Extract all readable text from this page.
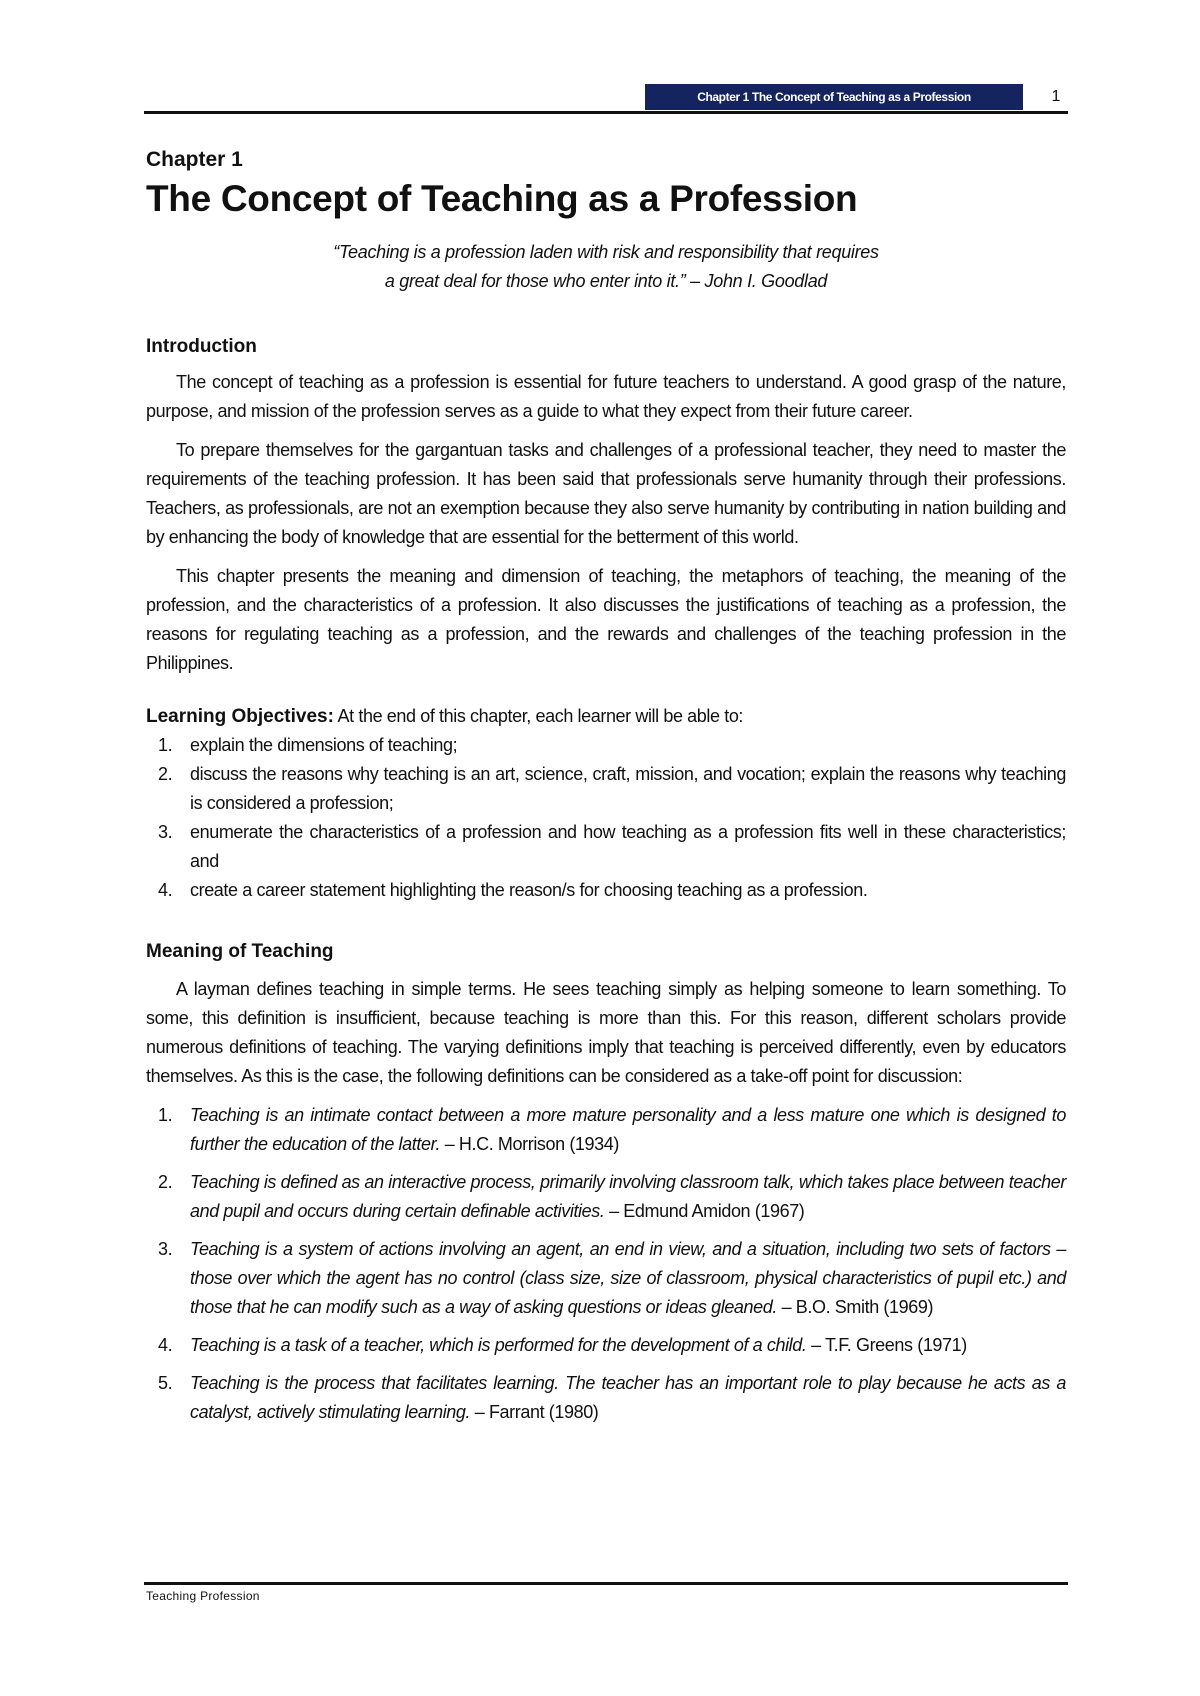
Chapter 1 The Concept of Teaching as a Profession	1
Chapter 1
The Concept of Teaching as a Profession
“Teaching is a profession laden with risk and responsibility that requires
a great deal for those who enter into it.” – John I. Goodlad
Introduction

The concept of teaching as a profession is essential for future teachers to understand. A good grasp of the nature, purpose, and mission of the profession serves as a guide to what they expect from their future career.

To prepare themselves for the gargantuan tasks and challenges of a professional teacher, they need to master the requirements of the teaching profession. It has been said that professionals serve humanity through their professions. Teachers, as professionals, are not an exemption because they also serve humanity by contributing in nation building and by enhancing the body of knowledge that are essential for the betterment of this world.

This chapter presents the meaning and dimension of teaching, the metaphors of teaching, the meaning of the profession, and the characteristics of a profession. It also discusses the justifications of teaching as a profession, the reasons for regulating teaching as a profession, and the rewards and challenges of the teaching profession in the Philippines.

Learning Objectives: At the end of this chapter, each learner will be able to:

1. explain the dimensions of teaching;
2. discuss the reasons why teaching is an art, science, craft, mission, and vocation; explain the reasons why teaching is considered a profession;
3. enumerate the characteristics of a profession and how teaching as a profession fits well in these characteristics; and
4. create a career statement highlighting the reason/s for choosing teaching as a profession.
Meaning of Teaching

A layman defines teaching in simple terms. He sees teaching simply as helping someone to learn something. To some, this definition is insufficient, because teaching is more than this. For this reason, different scholars provide numerous definitions of teaching. The varying definitions imply that teaching is perceived differently, even by educators themselves. As this is the case, the following definitions can be considered as a take-off point for discussion:

1. Teaching is an intimate contact between a more mature personality and a less mature one which is designed to further the education of the latter. – H.C. Morrison (1934)
2. Teaching is defined as an interactive process, primarily involving classroom talk, which takes place between teacher and pupil and occurs during certain definable activities. – Edmund Amidon (1967)
3. Teaching is a system of actions involving an agent, an end in view, and a situation, including two sets of factors – those over which the agent has no control (class size, size of classroom, physical characteristics of pupil etc.) and those that he can modify such as a way of asking questions or ideas gleaned. – B.O. Smith (1969)
4. Teaching is a task of a teacher, which is performed for the development of a child. – T.F. Greens (1971)
5. Teaching is the process that facilitates learning. The teacher has an important role to play because he acts as a catalyst, actively stimulating learning. – Farrant (1980)
Teaching Profession
